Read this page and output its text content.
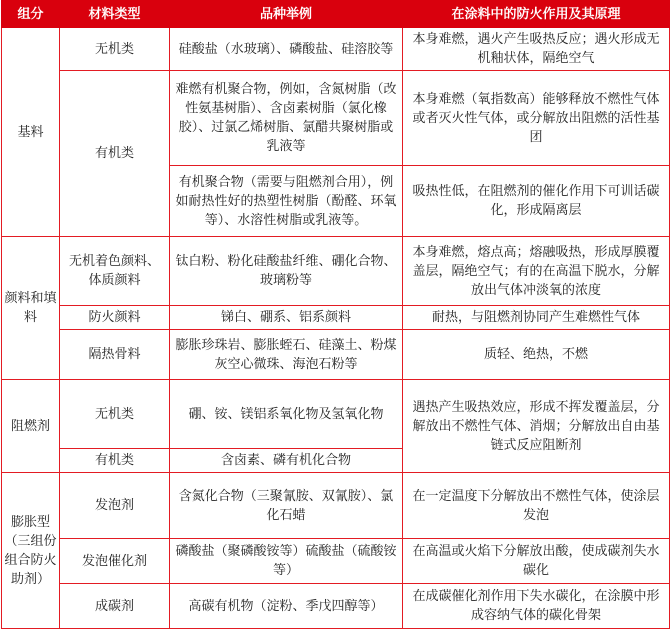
组分	材料类型	品种举例	在涂料中的防火作用及其原理
基料	无机类	硅酸盐（水玻璃）、磷酸盐、硅溶胶等	本身难燃，遇火产生吸热反应；遇火形成无机釉状体，隔绝空气
	有机类	难燃有机聚合物，例如，含氮树脂（改性氨基树脂）、含卤素树脂（氯化橡胶）、过氯乙烯树脂、氯醋共聚树脂或乳液等	本身难燃（氧指数高）能够释放不燃性气体或者灭火性气体，或分解放出阻燃的活性基团
		有机聚合物（需要与阻燃剂合用），例如耐热性好的热塑性树脂（酚醛、环氧等）、水溶性树脂或乳液等。	吸热性低，在阻燃剂的催化作用下可训话碳化，形成隔离层
颜料和填料	无机着色颜料、体质颜料	钛白粉、粉化硅酸盐纤维、硼化合物、玻璃粉等	本身难燃，熔点高；熔融吸热，形成厚膜覆盖层，隔绝空气；有的在高温下脱水，分解放出气体冲淡氧的浓度
	防火颜料	锑白、硼系、铝系颜料	耐热，与阻燃剂协同产生难燃性气体
	隔热骨料	膨胀珍珠岩、膨胀蛭石、硅藻土、粉煤灰空心微珠、海泡石粉等	质轻、绝热，不燃
阻燃剂	无机类	硼、铵、镁铝系氧化物及氢氧化物	遇热产生吸热效应，形成不挥发覆盖层，分解放出不燃性气体、消烟；分解放出自由基链式反应阻断剂
	有机类	含卤素、磷有机化合物	
膨胀型（三组份组合防火助剂）	发泡剂	含氮化合物（三聚氰胺、双氰胺）、氯化石蜡	在一定温度下分解放出不燃性气体，使涂层发泡
	发泡催化剂	磷酸盐（聚磷酸铵等）硫酸盐（硫酸铵等）	在高温或火焰下分解放出酸，使成碳剂失水碳化
	成碳剂	高碳有机物（淀粉、季戊四醇等）	在成碳催化剂作用下失水碳化，在涂膜中形成容纳气体的碳化骨架
